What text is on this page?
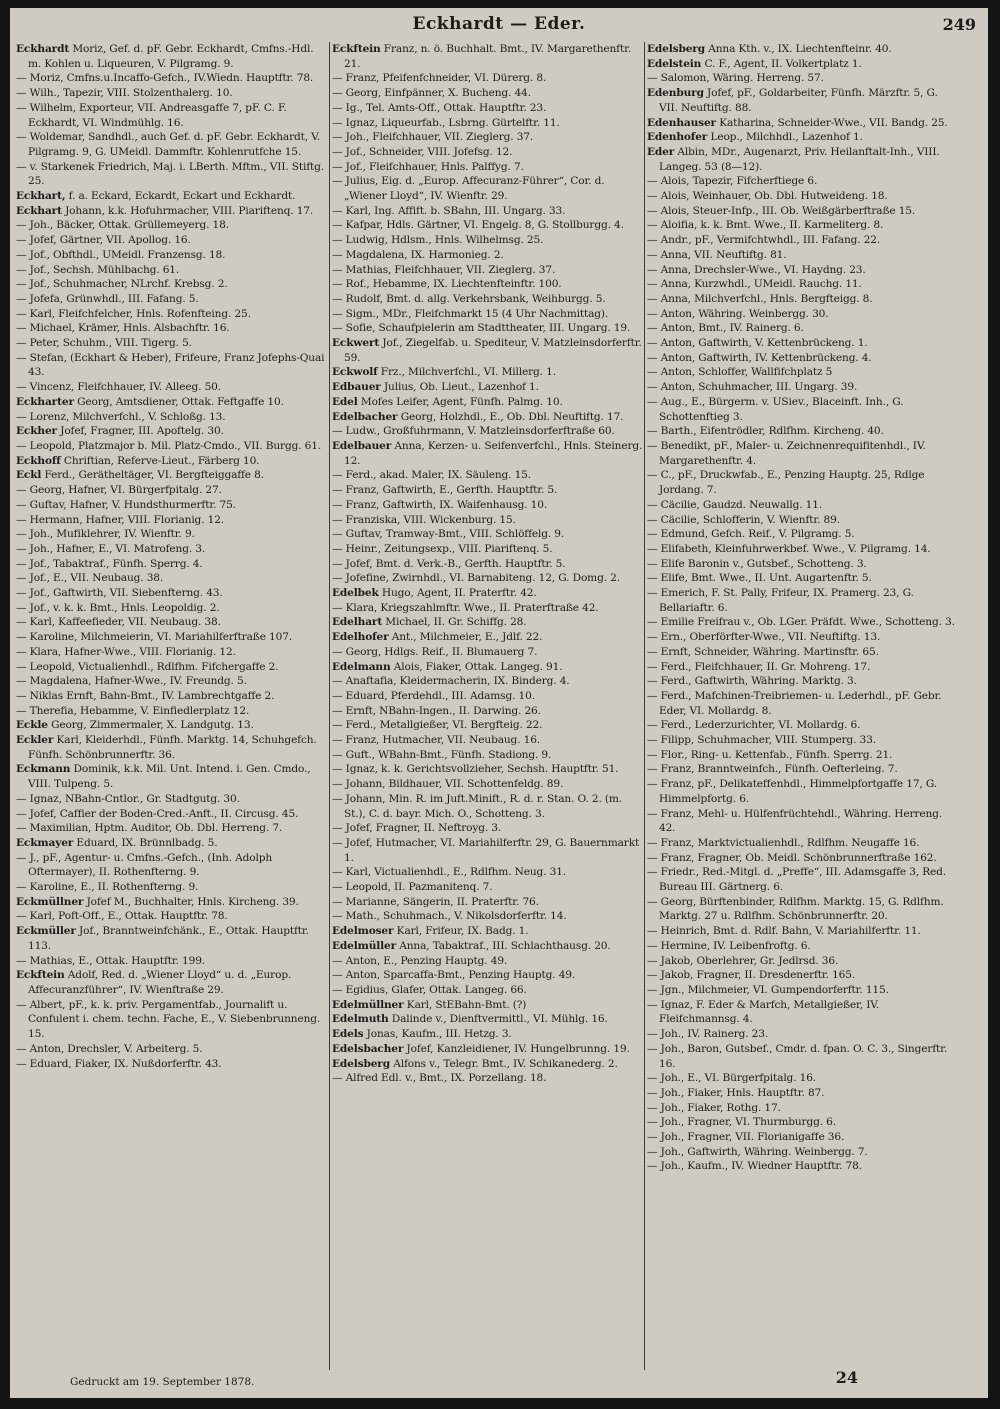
Eckhardt — Eder.	249
Eckhardt Moriz, Gef. d. pF. Gebr. Eckhardt, Cmfns.-Hdl. m. Kohlen u. Liqueuren, V. Pilgramg. 9.
— Moriz, Cmfns.u.Incaffo-Gefch., IV.Wiedn. Hauptftr. 78.
— Wilh., Tapezir, VIII. Stolzenthalerg. 10.
— Wilhelm, Exporteur, VII. Andreasgaffe 7, pF. C. F. Eckhardt, VI. Windmühlg. 16.
— Woldemar, Sandhdl., auch Gef. d. pF. Gebr. Eckhardt, V. Pilgramg. 9, G. UMeidl. Dammftr. Kohlenrutfche 15.
— v. Starkenek Friedrich, Maj. i. LBerth. Mftm., VII. Stiftg. 25.
Eckhart, f. a. Eckard, Eckardt, Eckart und Eckhardt.
Eckhart Johann, k.k. Hofuhrmacher, VIII. Piariftenq. 17.
— Joh., Bäcker, Ottak. Grüllemeyerg. 18.
— Jofef, Gärtner, VII. Apollog. 16.
— Jof., Obfthdl., UMeidl. Franzensg. 18.
— Jof., Sechsh. Mühlbachg. 61.
— Jof., Schuhmacher, NLrchf. Krebsg. 2.
— Jofefa, Grünwhdl., III. Fafang. 5.
— Karl, Fleifchfelcher, Hnls. Rofenfteing. 25.
— Michael, Krämer, Hnls. Alsbachftr. 16.
— Peter, Schuhm., VIII. Tigerg. 5.
— Stefan, (Eckhart & Heber), Frifeure, Franz Jofephs-Quai 43.
— Vincenz, Fleifchhauer, IV. Alleeg. 50.
Eckharter Georg, Amtsdiener, Ottak. Feftgaffe 10.
— Lorenz, Milchverfchl., V. Schloßg. 13.
Eckher Jofef, Fragner, III. Apoftelg. 30.
— Leopold, Platzmajor b. Mil. Platz-Cmdo., VII. Burgg. 61.
Eckhoff Chriftian, Referve-Lieut., Färberg 10.
Eckl Ferd., Gerätheltäger, VI. Bergfteiggaffe 8.
— Georg, Hafner, VI. Bürgerfpitalg. 27.
— Guftav, Hafner, V. Hundsthurmerftr. 75.
— Hermann, Hafner, VIII. Florianig. 12.
— Joh., Mufiklehrer, IV. Wienftr. 9.
— Joh., Hafner, E., VI. Matrofeng. 3.
— Jof., Tabaktraf., Fünfh. Sperrg. 4.
— Jof., E., VII. Neubaug. 38.
— Jof., Gaftwirth, VII. Siebenfterng. 43.
— Jof., v. k. k. Bmt., Hnls. Leopoldig. 2.
— Karl, Kaffeefieder, VII. Neubaug. 38.
— Karoline, Milchmeierin, VI. Mariahilferftraße 107.
— Klara, Hafner-Wwe., VIII. Florianig. 12.
— Leopold, Victualienhdl., Rdlfhm. Fifchergaffe 2.
— Magdalena, Hafner-Wwe., IV. Freundg. 5.
— Niklas Ernft, Bahn-Bmt., IV. Lambrechtgaffe 2.
— Therefia, Hebamme, V. Einfiedlerplatz 12.
Eckle Georg, Zimmermaler, X. Landgutg. 13.
Eckler Karl, Kleiderhdl., Fünfh. Marktg. 14, Schuhgefch. Fünfh. Schönbrunnerftr. 36.
Eckmann Dominik, k.k. Mil. Unt. Intend. i. Gen. Cmdo., VIII. Tulpeng. 5.
— Ignaz, NBahn-Cntlor., Gr. Stadtgutg. 30.
— Jofef, Caffier der Boden-Cred.-Anft., II. Circusg. 45.
— Maximilian, Hptm. Auditor, Ob. Dbl. Herreng. 7.
Eckmayer Eduard, IX. Brünnlbadg. 5.
— J., pF., Agentur- u. Cmfns.-Gefch., (Inh. Adolph Oftermayer), II. Rothenfterng. 9.
— Karoline, E., II. Rothenfterng. 9.
Eckmüllner Jofef M., Buchhalter, Hnls. Kircheng. 39.
— Karl, Poft-Off., E., Ottak. Hauptftr. 78.
Eckmüller Jof., Branntweinfchänk., E., Ottak. Hauptftr. 113.
— Mathias, E., Ottak. Hauptftr. 199.
Eckftein Adolf, Red. d. „Wiener Lloyd“ u. d. „Europ. Affecuranzführer“, IV. Wienftraße 29.
— Albert, pF., k. k. priv. Pergamentfab., Journalift u. Confulent i. chem. techn. Fache, E., V. Siebenbrunneng. 15.
— Anton, Drechsler, V. Arbeiterg. 5.
— Eduard, Fiaker, IX. Nußdorferftr. 43.
Eckftein Franz, n. ö. Buchhalt. Bmt., IV. Margarethenftr. 21.
— Franz, Pfeifenfchneider, VI. Dürerg. 8.
— Georg, Einfpänner, X. Bucheng. 44.
— Ig., Tel. Amts-Off., Ottak. Hauptftr. 23.
— Ignaz, Liqueurfab., Lsbrng. Gürtelftr. 11.
— Joh., Fleifchhauer, VII. Zieglerg. 37.
— Jof., Schneider, VIII. Jofefsg. 12.
— Jof., Fleifchhauer, Hnls. Palffyg. 7.
— Julius, Eig. d. „Europ. Affecuranz-Führer“, Cor. d. „Wiener Lloyd“, IV. Wienftr. 29.
— Karl, Ing. Affift. b. SBahn, III. Ungarg. 33.
— Kafpar, Hdls. Gärtner, VI. Engelg. 8, G. Stollburgg. 4.
— Ludwig, Hdlsm., Hnls. Wilhelmsg. 25.
— Magdalena, IX. Harmonieg. 2.
— Mathias, Fleifchhauer, VII. Zieglerg. 37.
— Rof., Hebamme, IX. Liechtenfteinftr. 100.
— Rudolf, Bmt. d. allg. Verkehrsbank, Weihburgg. 5.
— Sigm., MDr., Fleifchmarkt 15 (4 Uhr Nachmittag).
— Sofie, Schaufpielerin am Stadttheater, III. Ungarg. 19.
Eckwert Jof., Ziegelfab. u. Spediteur, V. Matzleinsdorferftr. 59.
Eckwolf Frz., Milchverfchl., VI. Millerg. 1.
Edbauer Julius, Ob. Lieut., Lazenhof 1.
Edel Mofes Leifer, Agent, Fünfh. Palmg. 10.
Edelbacher Georg, Holzhdl., E., Ob. Dbl. Neuftiftg. 17.
— Ludw., Großfuhrmann, V. Matzleinsdorferftraße 60.
Edelbauer Anna, Kerzen- u. Seifenverfchl., Hnls. Steinerg. 12.
— Ferd., akad. Maler, IX. Säuleng. 15.
— Franz, Gaftwirth, E., Gerfth. Hauptftr. 5.
— Franz, Gaftwirth, IX. Waifenhausg. 10.
— Franziska, VIII. Wickenburg. 15.
— Guftav, Tramway-Bmt., VIII. Schlöffelg. 9.
— Heinr., Zeitungsexp., VIII. Piariftenq. 5.
— Jofef, Bmt. d. Verk.-B., Gerfth. Hauptftr. 5.
— Jofefine, Zwirnhdl., VI. Barnabiteng. 12, G. Domg. 2.
Edelbek Hugo, Agent, II. Praterftr. 42.
— Klara, Kriegszahlmftr. Wwe., II. Praterftraße 42.
Edelhart Michael, II. Gr. Schiffg. 28.
Edelhofer Ant., Milchmeier, E., Jdlf. 22.
— Georg, Hdlgs. Reif., II. Blumauerg 7.
Edelmann Alois, Fiaker, Ottak. Langeg. 91.
— Anaftafia, Kleidermacherin, IX. Binderg. 4.
— Eduard, Pferdehdl., III. Adamsg. 10.
— Ernft, NBahn-Ingen., II. Darwing. 26.
— Ferd., Metallgießer, VI. Bergfteig. 22.
— Franz, Hutmacher, VII. Neubaug. 16.
— Guft., WBahn-Bmt., Fünfh. Stadiong. 9.
— Ignaz, k. k. Gerichtsvollzieher, Sechsh. Hauptftr. 51.
— Johann, Bildhauer, VII. Schottenfeldg. 89.
— Johann, Min. R. im Juft.Minift., R. d. r. Stan. O. 2. (m. St.), C. d. bayr. Mich. O., Schotteng. 3.
— Jofef, Fragner, II. Neftroyg. 3.
— Jofef, Hutmacher, VI. Mariahilferftr. 29, G. Bauernmarkt 1.
— Karl, Victualienhdl., E., Rdlfhm. Neug. 31.
— Leopold, II. Pazmanitenq. 7.
— Marianne, Sängerin, II. Praterftr. 76.
— Math., Schuhmach., V. Nikolsdorferftr. 14.
Edelmoser Karl, Frifeur, IX. Badg. 1.
Edelmüller Anna, Tabaktraf., III. Schlachthausg. 20.
— Anton, E., Penzing Hauptg. 49.
— Anton, Sparcaffa-Bmt., Penzing Hauptg. 49.
— Egidius, Glafer, Ottak. Langeg. 66.
Edelmüllner Karl, StEBahn-Bmt. (?)
Edelmuth Dalinde v., Dienftvermittl., VI. Mühlg. 16.
Edels Jonas, Kaufm., III. Hetzg. 3.
Edelsbacher Jofef, Kanzleidiener, IV. Hungelbrunng. 19.
Edelsberg Alfons v., Telegr. Bmt., IV. Schikanederg. 2.
— Alfred Edl. v., Bmt., IX. Porzellang. 18.
Edelsberg Anna Kth. v., IX. Liechtenfteinr. 40.
Edelstein C. F., Agent, II. Volkertplatz 1.
— Salomon, Wäring. Herreng. 57.
Edenburg Jofef, pF., Goldarbeiter, Fünfh. Märzftr. 5, G. VII. Neuftiftg. 88.
Edenhauser Katharina, Schneider-Wwe., VII. Bandg. 25.
Edenhofer Leop., Milchhdl., Lazenhof 1.
Eder Albin, MDr., Augenarzt, Priv. Heilanftalt-Inh., VIII. Langeg. 53 (8—12).
— Alois, Tapezir, Fifcherftiege 6.
— Alois, Weinhauer, Ob. Dbl. Hutweideng. 18.
— Alois, Steuer-Infp., III. Ob. Weißgärberftraße 15.
— Aloifia, k. k. Bmt. Wwe., II. Karmeliterg. 8.
— Andr., pF., Vermifchtwhdl., III. Fafang. 22.
— Anna, VII. Neuftiftg. 81.
— Anna, Drechsler-Wwe., VI. Haydng. 23.
— Anna, Kurzwhdl., UMeidl. Rauchg. 11.
— Anna, Milchverfchl., Hnls. Bergfteigg. 8.
— Anton, Währing. Weinbergg. 30.
— Anton, Bmt., IV. Rainerg. 6.
— Anton, Gaftwirth, V. Kettenbrückeng. 1.
— Anton, Gaftwirth, IV. Kettenbrückeng. 4.
— Anton, Schloffer, Wallfifchplatz 5
— Anton, Schuhmacher, III. Ungarg. 39.
— Aug., E., Bürgerm. v. USiev., Blaceinft. Inh., G. Schottenftieg 3.
— Barth., Eifentrödler, Rdlfhm. Kircheng. 40.
— Benedikt, pF., Maler- u. Zeichnenrequifitenhdl., IV. Margarethenftr. 4.
— C., pF., Druckwfab., E., Penzing Hauptg. 25, Rdlge Jordang. 7.
— Cäcilie, Gaudzd. Neuwallg. 11.
— Cäcilie, Schlofferin, V. Wienftr. 89.
— Edmund, Gefch. Reif., V. Pilgramg. 5.
— Elifabeth, Kleinfuhrwerkbef. Wwe., V. Pilgramg. 14.
— Elife Baronin v., Gutsbef., Schotteng. 3.
— Elife, Bmt. Wwe., II. Unt. Augartenftr. 5.
— Emerich, F. St. Pally, Frifeur, IX. Pramerg. 23, G. Bellariaftr. 6.
— Emilie Freifrau v., Ob. LGer. Präfdt. Wwe., Schotteng. 3.
— Ern., Oberförfter-Wwe., VII. Neuftiftg. 13.
— Ernft, Schneider, Währing. Martinsftr. 65.
— Ferd., Fleifchhauer, II. Gr. Mohreng. 17.
— Ferd., Gaftwirth, Währing. Marktg. 3.
— Ferd., Mafchinen-Treibriemen- u. Lederhdl., pF. Gebr. Eder, VI. Mollardg. 8.
— Ferd., Lederzurichter, VI. Mollardg. 6.
— Filipp, Schuhmacher, VIII. Stumperg. 33.
— Flor., Ring- u. Kettenfab., Fünfh. Sperrg. 21.
— Franz, Branntweinfch., Fünfh. Oefterleing. 7.
— Franz, pF., Delikateffenhdl., Himmelpfortgaffe 17, G. Himmelpfortg. 6.
— Franz, Mehl- u. Hülfenfrüchtehdl., Währing. Herreng. 42.
— Franz, Marktvictualienhdl., Rdlfhm. Neugaffe 16.
— Franz, Fragner, Ob. Meidl. Schönbrunnerftraße 162.
— Friedr., Red.-Mitgl. d. „Preffe“, III. Adamsgaffe 3, Red. Bureau III. Gärtnerg. 6.
— Georg, Bürftenbinder, Rdlfhm. Marktg. 15, G. Rdlfhm. Marktg. 27 u. Rdlfhm. Schönbrunnerftr. 20.
— Heinrich, Bmt. d. Rdlf. Bahn, V. Mariahilferftr. 11.
— Hermine, IV. Leibenfroftg. 6.
— Jakob, Oberlehrer, Gr. Jedlrsd. 36.
— Jakob, Fragner, II. Dresdenerftr. 165.
— Jgn., Milchmeier, VI. Gumpendorferftr. 115.
— Ignaz, F. Eder & Marfch, Metallgießer, IV. Fleifchmannsg. 4.
— Joh., IV. Rainerg. 23.
— Joh., Baron, Gutsbef., Cmdr. d. fpan. O. C. 3., Singerftr. 16.
— Joh., E., VI. Bürgerfpitalg. 16.
— Joh., Fiaker, Hnls. Hauptftr. 87.
— Joh., Fiaker, Rothg. 17.
— Joh., Fragner, VI. Thurmburgg. 6.
— Joh., Fragner, VII. Florianigaffe 36.
— Joh., Gaftwirth, Währing. Weinbergg. 7.
— Joh., Kaufm., IV. Wiedner Hauptftr. 78.
Gedruckt am 19. September 1878.	24
